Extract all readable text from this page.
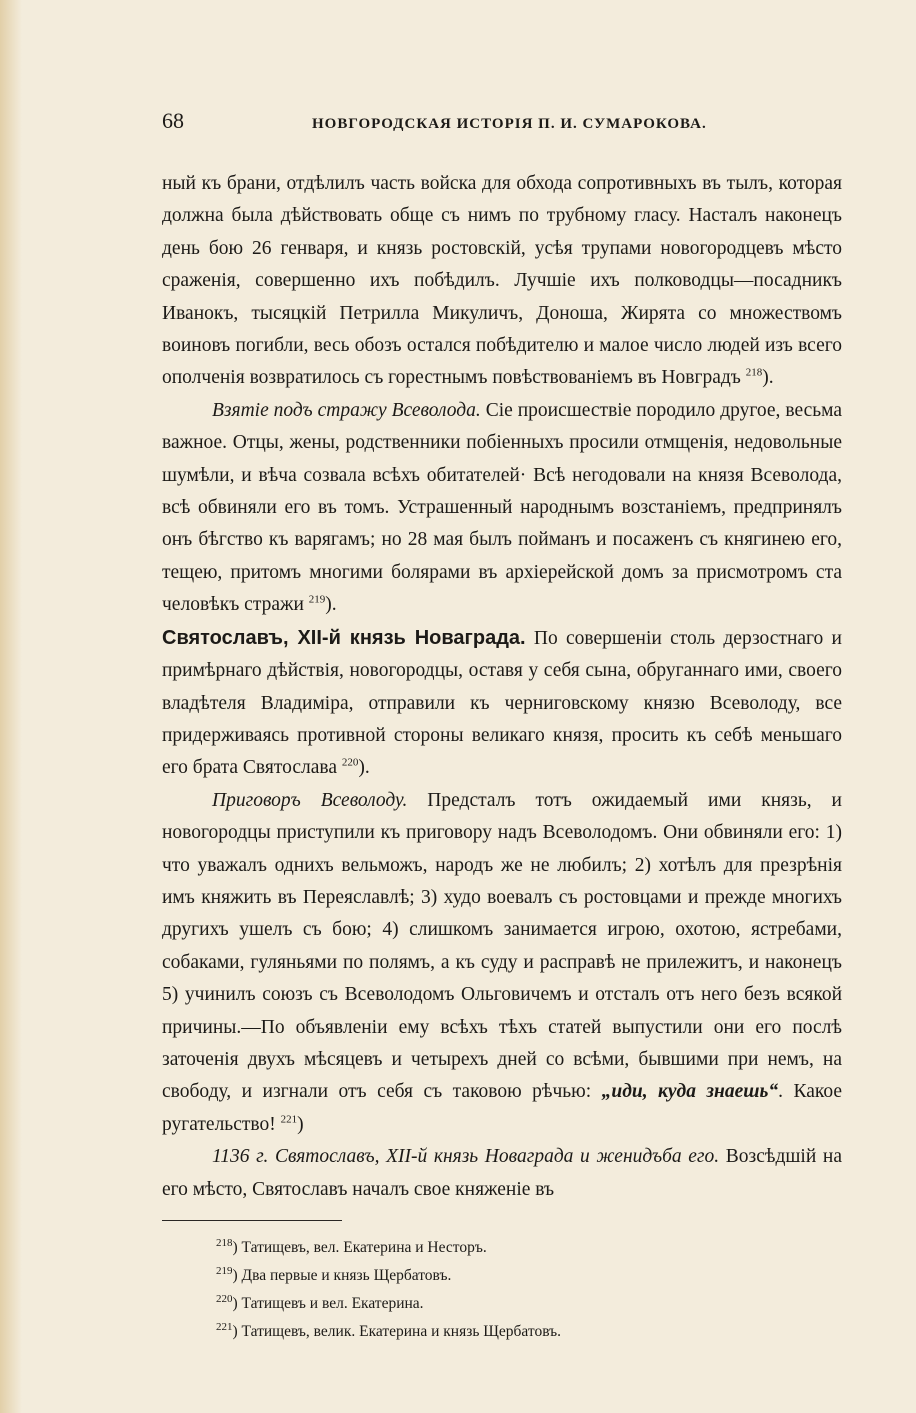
68	НОВГОРОДСКАЯ ИСТОРІЯ П. И. СУМАРОКОВА.

ный къ брани, отдѣлилъ часть войска для обхода сопротивныхъ въ тылъ, которая должна была дѣйствовать обще съ нимъ по трубному гласу. Насталъ наконецъ день бою 26 генваря, и князь ростовскій, усѣя трупами новогородцевъ мѣсто сраженія, совершенно ихъ побѣдилъ. Лучшіе ихъ полководцы—посадникъ Иванокъ, тысяцкій Петрилла Микуличъ, Доноша, Жирята со множествомъ воиновъ погибли, весь обозъ остался побѣдителю и малое число людей изъ всего ополченія возвратилось съ горестнымъ повѣствованіемъ въ Новградъ $^{218}$).

Взятіе подъ стражу Всеволода. Сіе происшествіе породило другое, весьма важное. Отцы, жены, родственники побіенныхъ просили отмщенія, недовольные шумѣли, и вѣча созвала всѣхъ обитателей· Всѣ негодовали на князя Всеволода, всѣ обвиняли его въ томъ. Устрашенный народнымъ возстаніемъ, предпринялъ онъ бѣгство къ варягамъ; но 28 мая былъ пойманъ и посаженъ съ княгинею его, тещею, притомъ многими болярами въ архіерейской домъ за присмотромъ ста человѣкъ стражи $^{219}$).

Святославъ, XII-й князь Новаграда. По совершеніи столь дерзостнаго и примѣрнаго дѣйствія, новогородцы, оставя у себя сына, обруганнаго ими, своего владѣтеля Владиміра, отправили къ черниговскому князю Всеволоду, все придерживаясь противной стороны великаго князя, просить къ себѣ меньшаго его брата Святослава $^{220}$).

Приговоръ Всеволоду. Предсталъ тотъ ожидаемый ими князь, и новогородцы приступили къ приговору надъ Всеволодомъ. Они обвиняли его: 1) что уважалъ однихъ вельможъ, народъ же не любилъ; 2) хотѣлъ для презрѣнія имъ княжить въ Переяславлѣ; 3) худо воевалъ съ ростовцами и прежде многихъ другихъ ушелъ съ бою; 4) слишкомъ занимается игрою, охотою, ястребами, собаками, гуляньями по полямъ, а къ суду и расправѣ не прилежитъ, и наконецъ 5) учинилъ союзъ съ Всеволодомъ Ольговичемъ и отсталъ отъ него безъ всякой причины.—По объявленіи ему всѣхъ тѣхъ статей выпустили они его послѣ заточенія двухъ мѣсяцевъ и четырехъ дней со всѣми, бывшими при немъ, на свободу, и изгнали отъ себя съ таковою рѣчью: „иди, куда знаешь“. Какое ругательство! $^{221}$)

1136 г. Святославъ, XII-й князь Новаграда и женидъба его. Возсѣдшій на его мѣсто, Святославъ началъ свое княженіе въ

$^{218}$) Татищевъ, вел. Екатерина и Несторъ.
$^{219}$) Два первые и князь Щербатовъ.
$^{220}$) Татищевъ и вел. Екатерина.
$^{221}$) Татищевъ, велик. Екатерина и князь Щербатовъ.
